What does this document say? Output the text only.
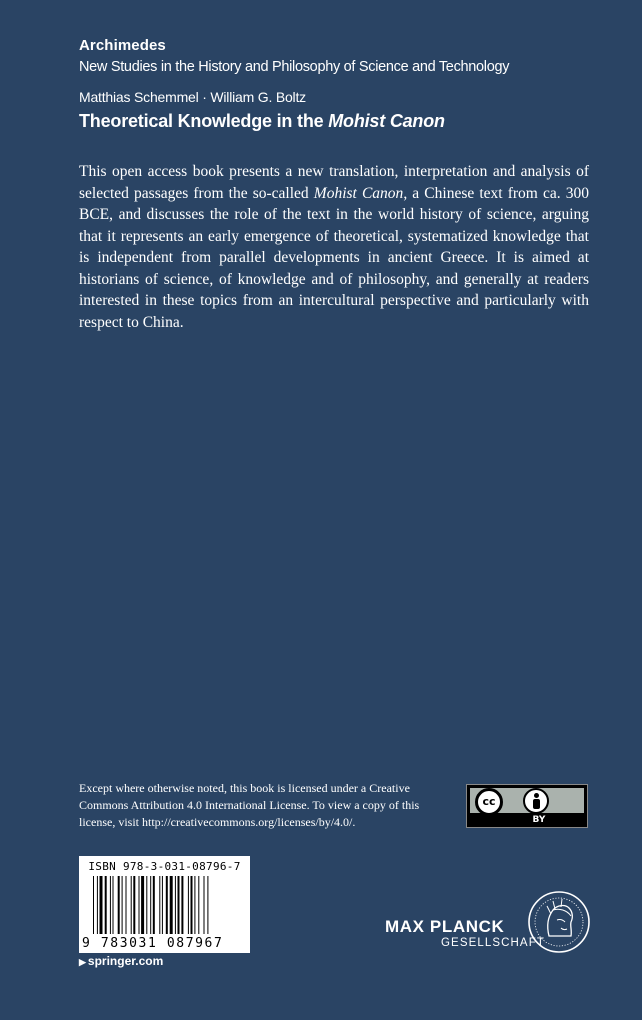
Archimedes
New Studies in the History and Philosophy of Science and Technology
Matthias Schemmel · William G. Boltz
Theoretical Knowledge in the Mohist Canon
This open access book presents a new translation, interpretation and analysis of selected passages from the so-called Mohist Canon, a Chinese text from ca. 300 BCE, and discusses the role of the text in the world history of science, arguing that it represents an early emergence of theoretical, systematized knowledge that is independent from parallel developments in ancient Greece. It is aimed at historians of science, of knowledge and of philosophy, and generally at readers interested in these topics from an intercultural perspective and particularly with respect to China.
Except where otherwise noted, this book is licensed under a Creative Commons Attribution 4.0 International License. To view a copy of this license, visit http://creativecommons.org/licenses/by/4.0/.
cc
BY
ISBN 978-3-031-08796-7
9 783031 087967
▶ springer.com
MAX PLANCK
GESELLSCHAFT
